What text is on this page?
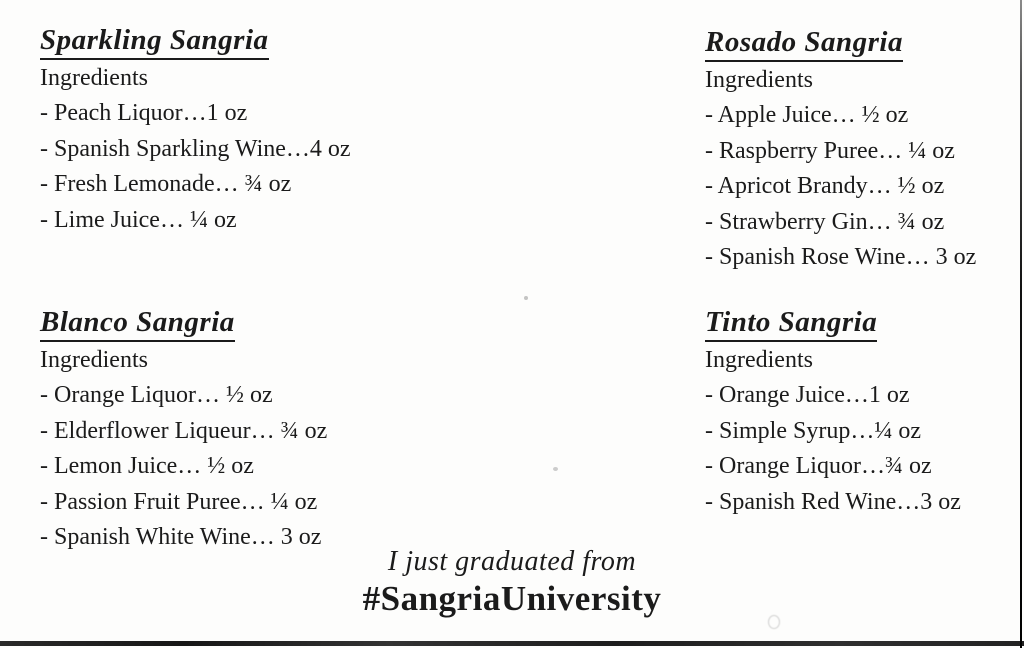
Sparkling Sangria
Ingredients
- Peach Liquor…1 oz
- Spanish Sparkling Wine…4 oz
- Fresh Lemonade… ¾ oz
- Lime Juice… ¼ oz
Rosado Sangria
Ingredients
- Apple Juice… ½ oz
- Raspberry Puree… ¼ oz
- Apricot Brandy… ½ oz
- Strawberry Gin… ¾ oz
- Spanish Rose Wine… 3 oz
Blanco Sangria
Ingredients
- Orange Liquor… ½ oz
- Elderflower Liqueur… ¾ oz
- Lemon Juice… ½ oz
- Passion Fruit Puree… ¼ oz
- Spanish White Wine… 3 oz
Tinto Sangria
Ingredients
- Orange Juice…1 oz
- Simple Syrup…¼ oz
- Orange Liquor…¾ oz
- Spanish Red Wine…3 oz
I just graduated from
#SangriaUniversity
